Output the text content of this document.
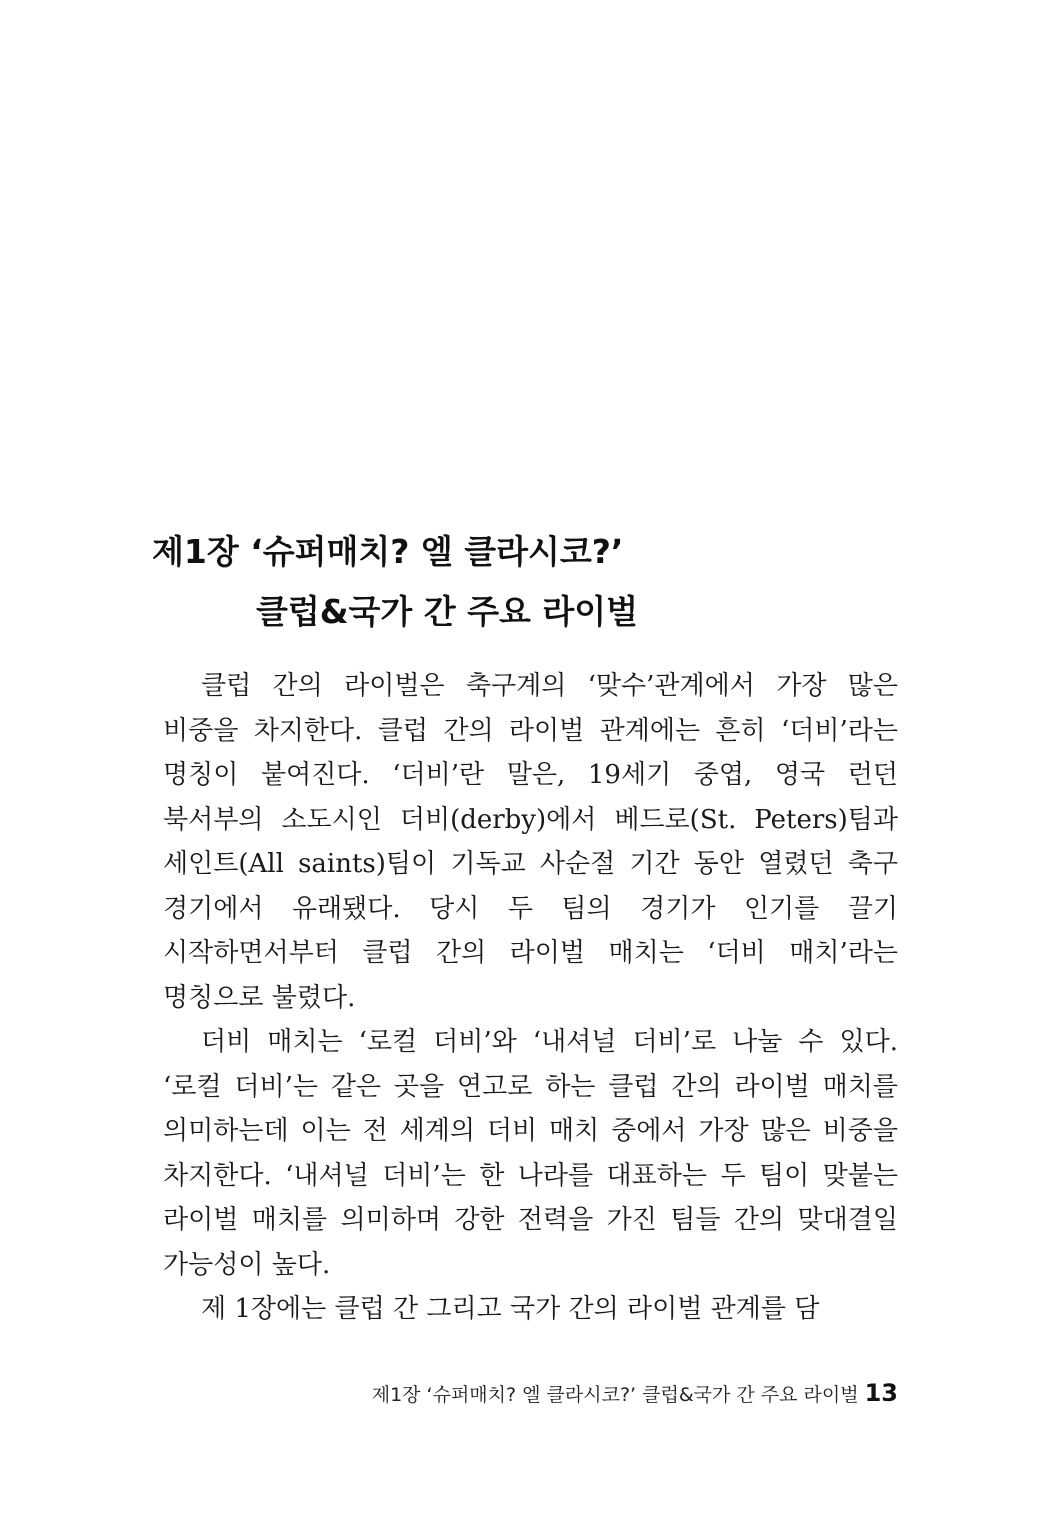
제1장 ‘슈퍼매치? 엘 클라시코?’
클럽&국가 간 주요 라이벌

클럽 간의 라이벌은 축구계의 ‘맞수’관계에서 가장 많은 비중을 차지한다. 클럽 간의 라이벌 관계에는 흔히 ‘더비’라는 명칭이 붙여진다. ‘더비’란 말은, 19세기 중엽, 영국 런던 북서부의 소도시인 더비(derby)에서 베드로(St. Peters)팀과 세인트(All saints)팀이 기독교 사순절 기간 동안 열렸던 축구 경기에서 유래됐다. 당시 두 팀의 경기가 인기를 끌기 시작하면서부터 클럽 간의 라이벌 매치는 ‘더비 매치’라는 명칭으로 불렸다.

더비 매치는 ‘로컬 더비’와 ‘내셔널 더비’로 나눌 수 있다. ‘로컬 더비’는 같은 곳을 연고로 하는 클럽 간의 라이벌 매치를 의미하는데 이는 전 세계의 더비 매치 중에서 가장 많은 비중을 차지한다. ‘내셔널 더비’는 한 나라를 대표하는 두 팀이 맞붙는 라이벌 매치를 의미하며 강한 전력을 가진 팀들 간의 맞대결일 가능성이 높다.

제 1장에는 클럽 간 그리고 국가 간의 라이벌 관계를 담

제1장 ‘슈퍼매치? 엘 클라시코?’ 클럽&국가 간 주요 라이벌 13
